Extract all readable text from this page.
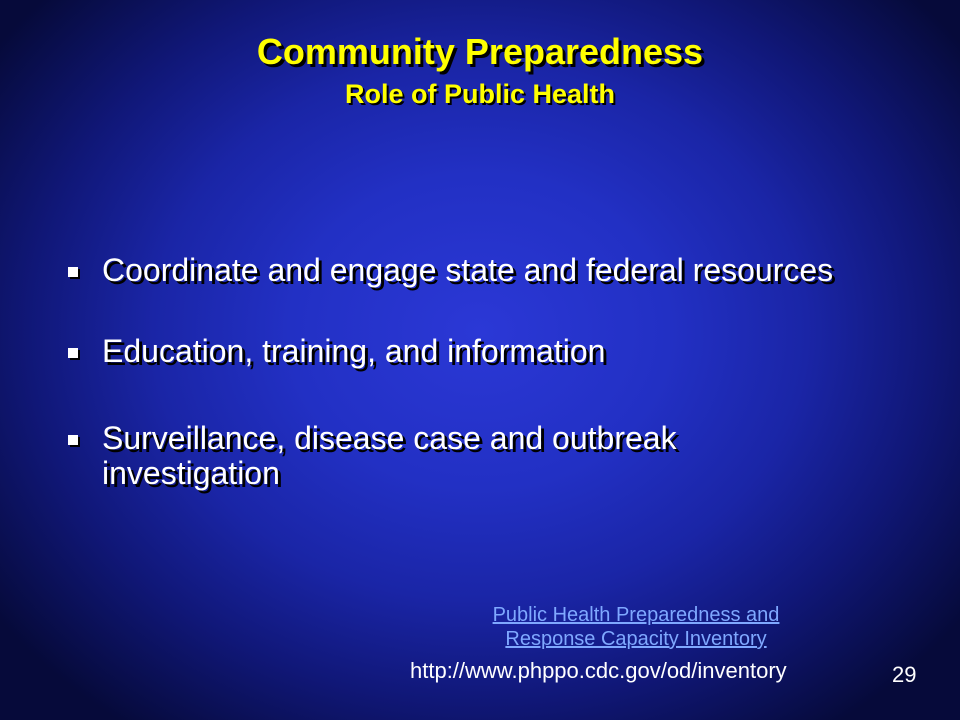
Community Preparedness
Role of Public Health
Coordinate and engage state and federal resources
Education, training, and information
Surveillance, disease case and outbreak investigation
Public Health Preparedness and
Response Capacity Inventory
http://www.phppo.cdc.gov/od/inventory	29
